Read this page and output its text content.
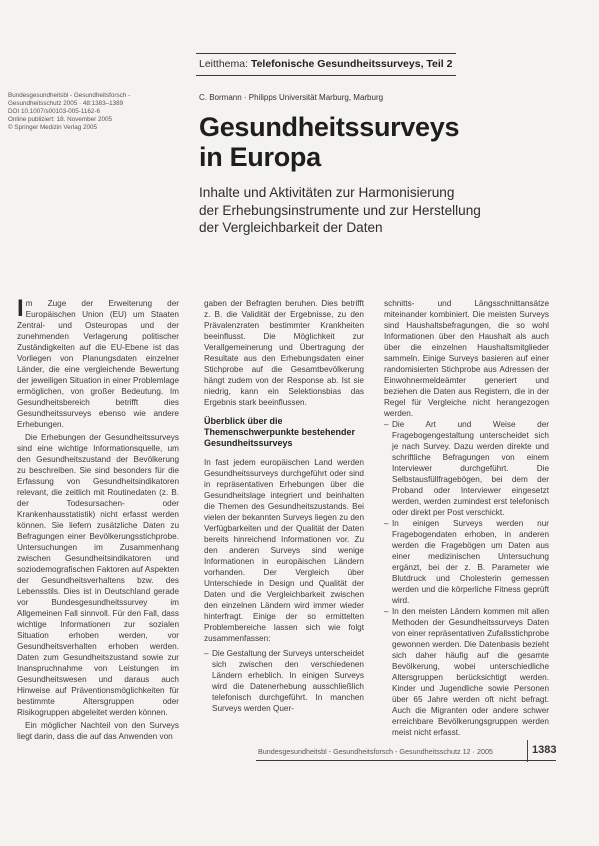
Leitthema: Telefonische Gesundheitssurveys, Teil 2
Bundesgesundheitsbl - Gesundheitsforsch -
Gesundheitsschutz 2005 · 48:1383–1389
DOI 10.1007/s00103-005-1162-6
Online publiziert: 18. November 2005
© Springer Medizin Verlag 2005
C. Bormann · Philipps Universität Marburg, Marburg
Gesundheitssurveys
in Europa
Inhalte und Aktivitäten zur Harmonisierung
der Erhebungsinstrumente und zur Herstellung
der Vergleichbarkeit der Daten

Im Zuge der Erweiterung der Europäischen Union (EU) um Staaten Zentral- und Osteuropas und der zunehmenden Verlagerung politischer Zuständigkeiten auf die EU-Ebene ist das Vorliegen von Planungsdaten einzelner Länder, die eine vergleichende Bewertung der jeweiligen Situation in einer Problemlage ermöglichen, von großer Bedeutung. Im Gesundheitsbereich betrifft dies Gesundheitssurveys ebenso wie andere Erhebungen.

Die Erhebungen der Gesundheitssurveys sind eine wichtige Informationsquelle, um den Gesundheitszustand der Bevölkerung zu beschreiben. Sie sind besonders für die Erfassung von Gesundheitsindikatoren relevant, die zeitlich mit Routinedaten (z. B. der Todesursachen- oder Krankenhausstatistik) nicht erfasst werden können. Sie liefern zusätzliche Daten zu Befragungen einer Bevölkerungsstichprobe. Untersuchungen im Zusammenhang zwischen Gesundheitsindikatoren und soziodemografischen Faktoren auf Aspekten der Gesundheitsverhaltens bzw. des Lebensstils. Dies ist in Deutschland gerade vor Bundesgesundheitssurvey im Allgemeinen Fall sinnvoll. Für den Fall, dass wichtige Informationen zur sozialen Situation erhoben werden, vor Gesundheitsverhalten erhoben werden. Daten zum Gesundheitszustand sowie zur Inanspruchnahme von Leistungen im Gesundheitswesen und daraus auch Hinweise auf Präventionsmöglichkeiten für bestimmte Altersgruppen oder Risikogruppen abgeleitet werden können.

Ein möglicher Nachteil von den Surveys liegt darin, dass die auf das Anwenden von

gaben der Befragten beruhen. Dies betrifft z. B. die Validität der Ergebnisse, zu den Prävalenzraten bestimmter Krankheiten beeinflusst. Die Möglichkeit zur Verallgemeinerung und Übertragung der Resultate aus den Erhebungsdaten einer Stichprobe auf die Gesamtbevölkerung hängt zudem von der Response ab. Ist sie niedrig, kann ein Selektionsbias das Ergebnis stark beeinflussen.

Überblick über die Themenschwerpunkte bestehender Gesundheitssurveys

In fast jedem europäischen Land werden Gesundheitssurveys durchgeführt oder sind in repräsentativen Erhebungen über die Gesundheitslage integriert und beinhalten die Themen des Gesundheitszustands. Bei vielen der bekannten Surveys liegen zu den Verfügbarkeiten und der Qualität der Daten bereits hinreichend Informationen vor. Zu den anderen Surveys sind wenige Informationen in europäischen Ländern vorhanden. Der Vergleich über Unterschiede in Design und Qualität der Daten und die Vergleichbarkeit zwischen den einzelnen Ländern wird immer wieder hinterfragt. Einige der so ermittelten Problembereiche lassen sich wie folgt zusammenfassen:

– Die Gestaltung der Surveys unterscheidet sich zwischen den verschiedenen Ländern erheblich. In einigen Surveys wird die Datenerhebung ausschließlich telefonisch durchgeführt. In manchen Surveys werden Quer-

schnitts- und Längsschnittansätze miteinander kombiniert. Die meisten Surveys sind Haushaltsbefragungen, die so wohl Informationen über den Haushalt als auch über die einzelnen Haushaltsmitglieder sammeln. Einige Surveys basieren auf einer randomisierten Stichprobe aus Adressen der Einwohnermeldeämter generiert und beziehen die Daten aus Registern, die in der Regel für Vergleiche nicht herangezogen werden.

– Die Art und Weise der Fragebogengestaltung unterscheidet sich je nach Survey. Dazu werden direkte und schriftliche Befragungen von einem Interviewer durchgeführt. Die Selbstausfüllfragebögen, bei dem der Proband oder Interviewer eingesetzt werden, werden zumindest erst telefonisch oder direkt per Post verschickt.

– In einigen Surveys werden nur Fragebogendaten erhoben, in anderen werden die Fragebögen um Daten aus einer medizinischen Untersuchung ergänzt, bei der z. B. Parameter wie Blutdruck und Cholesterin gemessen werden und die körperliche Fitness geprüft wird.

– In den meisten Ländern kommen mit allen Methoden der Gesundheitssurveys Daten von einer repräsentativen Zufallsstichprobe gewonnen werden. Die Datenbasis bezieht sich daher häufig auf die gesamte Bevölkerung, wobei unterschiedliche Altersgruppen berücksichtigt werden. Kinder und Jugendliche sowie Personen über 65 Jahre werden oft nicht befragt. Auch die Migranten oder andere schwer erreichbare Bevölkerungsgruppen werden meist nicht erfasst.

Bundesgesundheitsbl - Gesundheitsforsch - Gesundheitsschutz 12 · 2005	1383
